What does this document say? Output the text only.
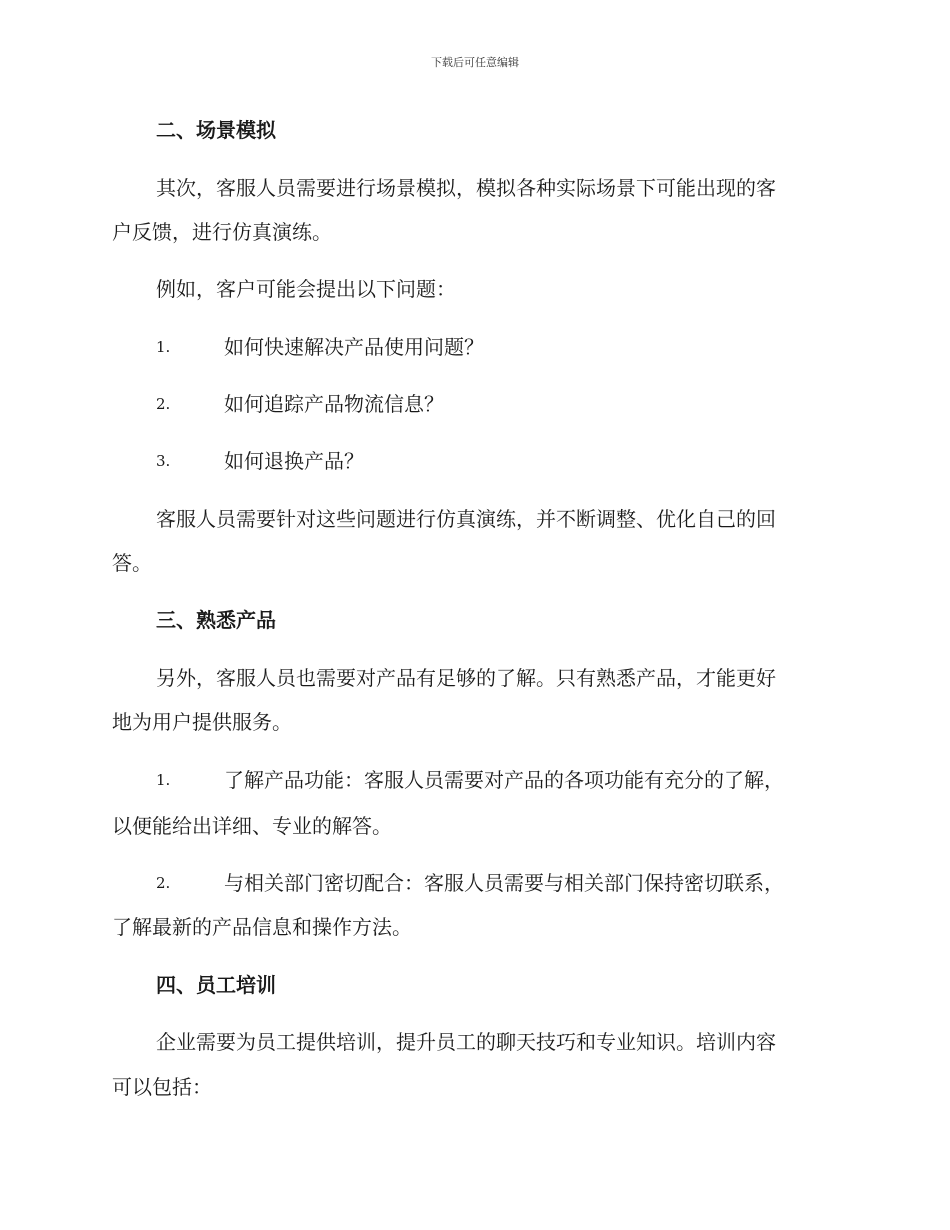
下载后可任意编辑
二、场景模拟
其次，客服人员需要进行场景模拟，模拟各种实际场景下可能出现的客
户反馈，进行仿真演练。
例如，客户可能会提出以下问题：
1.	如何快速解决产品使用问题？
2.	如何追踪产品物流信息？
3.	如何退换产品？
客服人员需要针对这些问题进行仿真演练，并不断调整、优化自己的回
答。
三、熟悉产品
另外，客服人员也需要对产品有足够的了解。只有熟悉产品，才能更好
地为用户提供服务。
1.	了解产品功能：客服人员需要对产品的各项功能有充分的了解，
以便能给出详细、专业的解答。
2.	与相关部门密切配合：客服人员需要与相关部门保持密切联系，
了解最新的产品信息和操作方法。
四、员工培训
企业需要为员工提供培训，提升员工的聊天技巧和专业知识。培训内容
可以包括：
